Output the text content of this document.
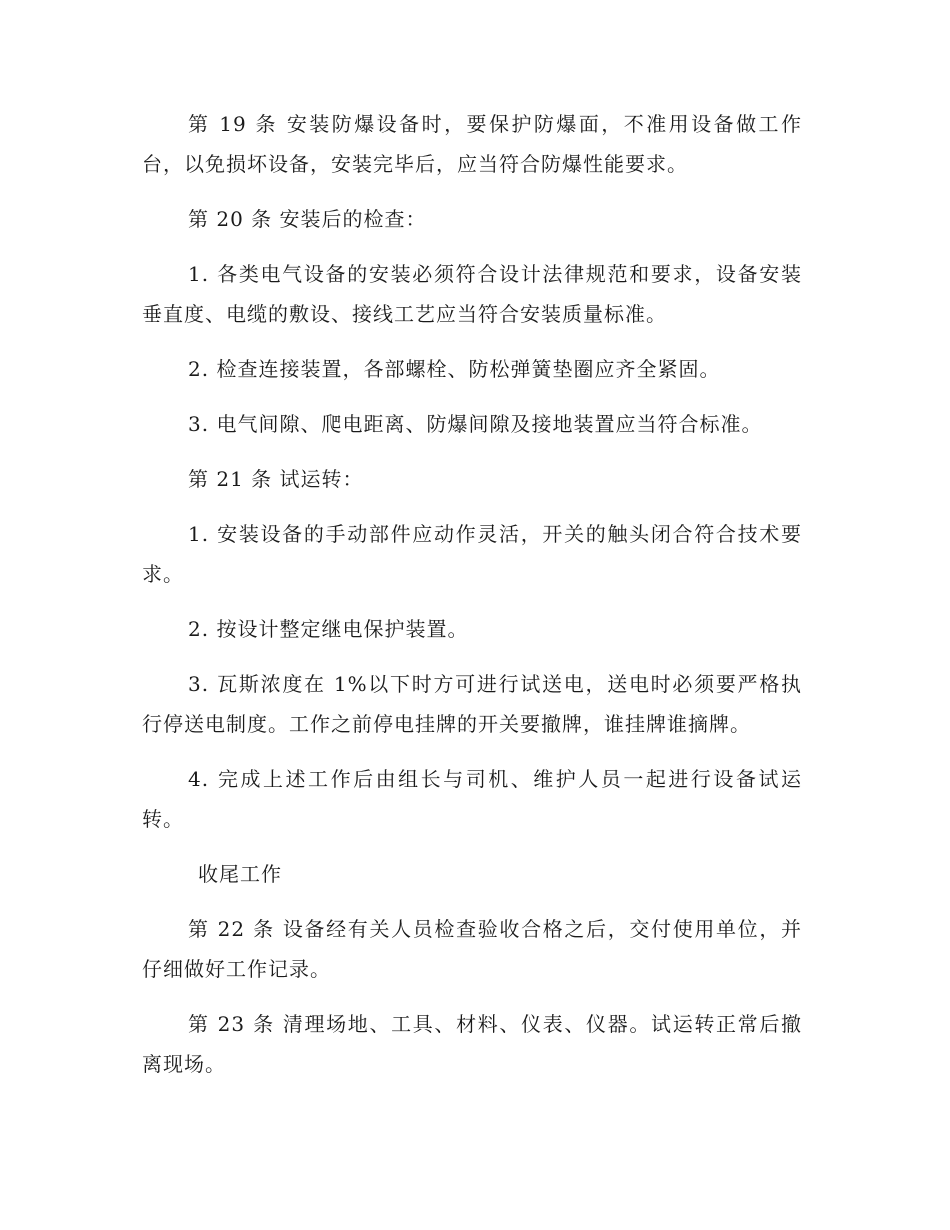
第 19 条 安装防爆设备时，要保护防爆面，不准用设备做工作台，以免损坏设备，安装完毕后，应当符合防爆性能要求。

第 20 条 安装后的检查：

1. 各类电气设备的安装必须符合设计法律规范和要求，设备安装垂直度、电缆的敷设、接线工艺应当符合安装质量标准。

2. 检查连接装置，各部螺栓、防松弹簧垫圈应齐全紧固。

3. 电气间隙、爬电距离、防爆间隙及接地装置应当符合标准。

第 21 条 试运转：

1. 安装设备的手动部件应动作灵活，开关的触头闭合符合技术要求。

2. 按设计整定继电保护装置。

3. 瓦斯浓度在 1%以下时方可进行试送电，送电时必须要严格执行停送电制度。工作之前停电挂牌的开关要撤牌，谁挂牌谁摘牌。

4. 完成上述工作后由组长与司机、维护人员一起进行设备试运转。

收尾工作

第 22 条 设备经有关人员检查验收合格之后，交付使用单位，并仔细做好工作记录。

第 23 条 清理场地、工具、材料、仪表、仪器。试运转正常后撤离现场。
